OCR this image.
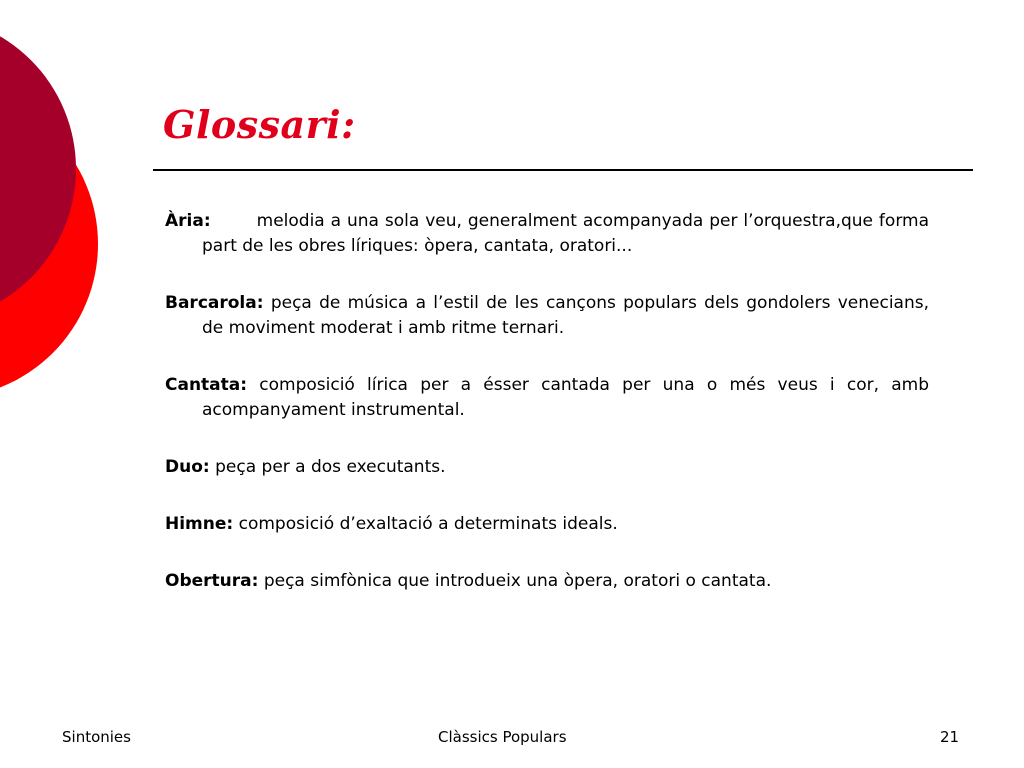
Glossari:

Ària:	melodia a una sola veu, generalment acompanyada per l’orquestra,que forma part de les obres líriques: òpera, cantata, oratori...

Barcarola: peça de música a l’estil de les cançons populars dels gondolers venecians, de moviment moderat i amb ritme ternari.

Cantata: composició lírica per a ésser cantada per una o més veus i cor, amb acompanyament instrumental.

Duo: peça per a dos executants.

Himne: composició d’exaltació a determinats ideals.

Obertura: peça simfònica que introdueix una òpera, oratori o cantata.

Sintonies	Clàssics Populars	21
